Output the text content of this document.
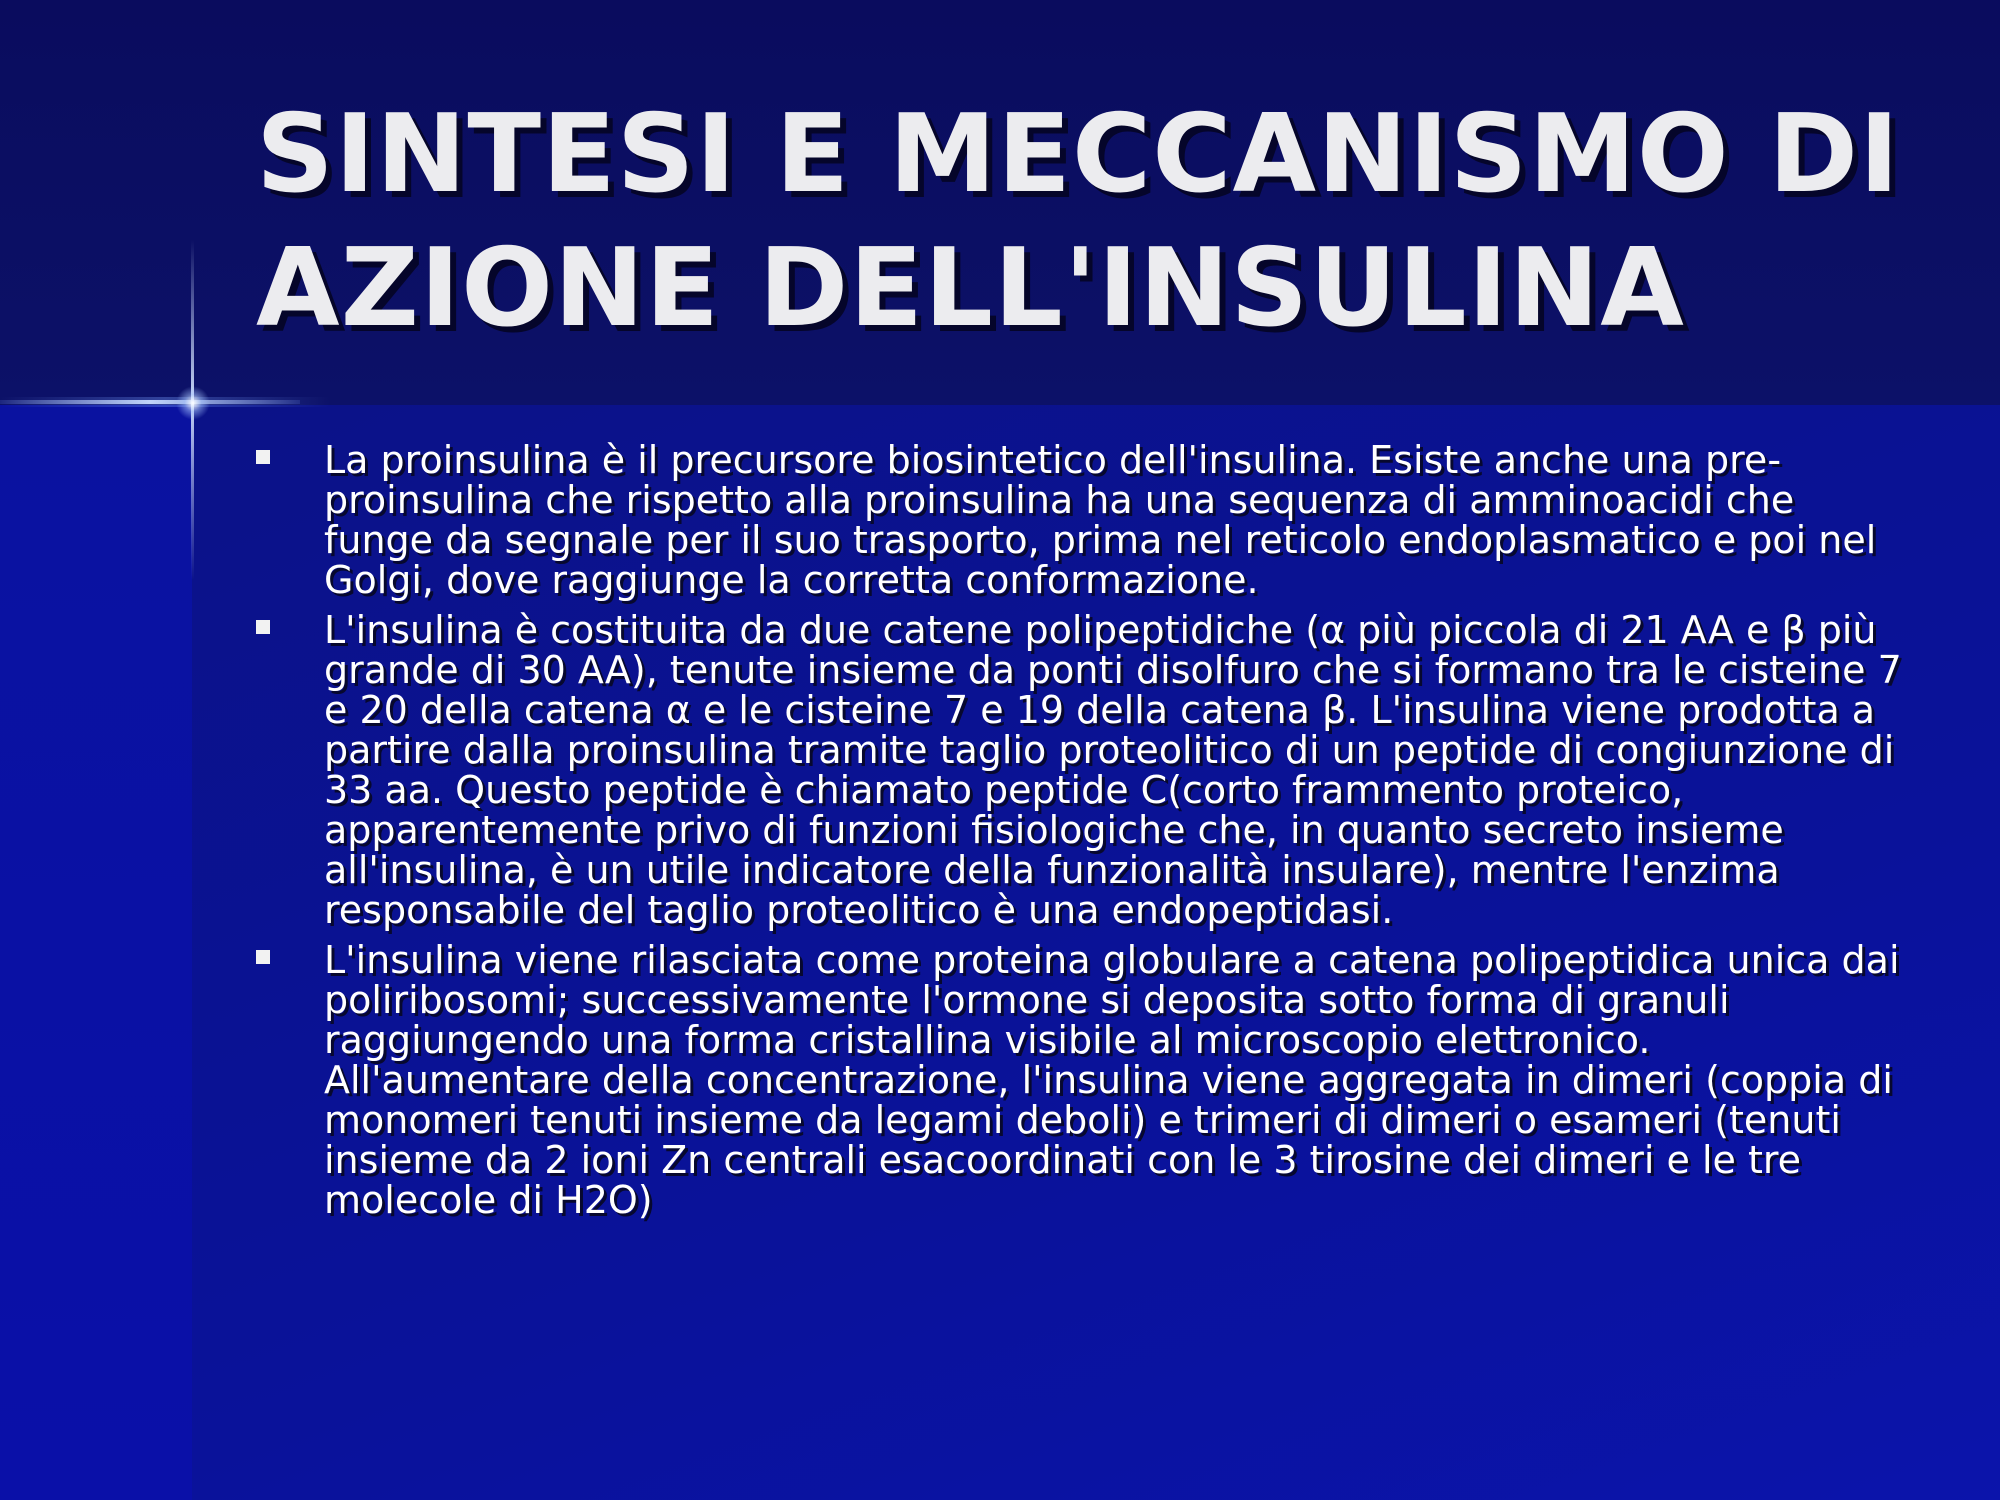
SINTESI E MECCANISMO DI AZIONE DELL'INSULINA
La proinsulina è il precursore biosintetico dell'insulina. Esiste anche una pre-proinsulina che rispetto alla proinsulina ha una sequenza di amminoacidi che funge da segnale per il suo trasporto, prima nel reticolo endoplasmatico e poi nel Golgi, dove raggiunge la corretta conformazione.
L'insulina è costituita da due catene polipeptidiche (α più piccola di 21 AA e β più grande di 30 AA), tenute insieme da ponti disolfuro che si formano tra le cisteine 7 e 20 della catena α e le cisteine 7 e 19 della catena β. L'insulina viene prodotta a partire dalla proinsulina tramite taglio proteolitico di un peptide di congiunzione di 33 aa. Questo peptide è chiamato peptide C(corto frammento proteico, apparentemente privo di funzioni fisiologiche che, in quanto secreto insieme all'insulina, è un utile indicatore della funzionalità insulare), mentre l'enzima responsabile del taglio proteolitico è una endopeptidasi.
L'insulina viene rilasciata come proteina globulare a catena polipeptidica unica dai poliribosomi; successivamente l'ormone si deposita sotto forma di granuli raggiungendo una forma cristallina visibile al microscopio elettronico. All'aumentare della concentrazione, l'insulina viene aggregata in dimeri (coppia di monomeri tenuti insieme da legami deboli) e trimeri di dimeri o esameri (tenuti insieme da 2 ioni Zn centrali esacoordinati con le 3 tirosine dei dimeri e le tre molecole di H2O)
